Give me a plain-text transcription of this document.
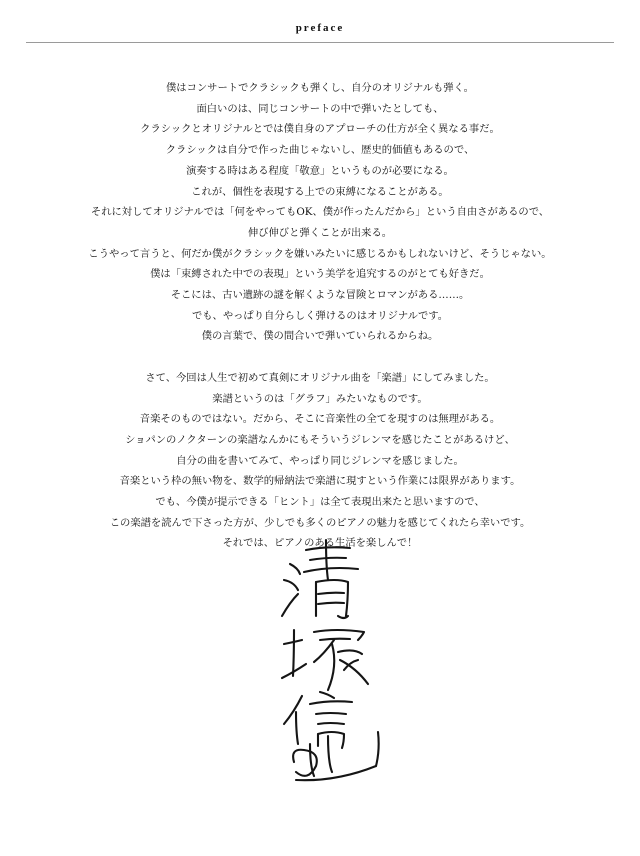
preface

僕はコンサートでクラシックも弾くし、自分のオリジナルも弾く。
面白いのは、同じコンサートの中で弾いたとしても、
クラシックとオリジナルとでは僕自身のアプローチの仕方が全く異なる事だ。
クラシックは自分で作った曲じゃないし、歴史的価値もあるので、
演奏する時はある程度「敬意」というものが必要になる。
これが、個性を表現する上での束縛になることがある。
それに対してオリジナルでは「何をやってもOK、僕が作ったんだから」という自由さがあるので、
伸び伸びと弾くことが出来る。
こうやって言うと、何だか僕がクラシックを嫌いみたいに感じるかもしれないけど、そうじゃない。
僕は「束縛された中での表現」という美学を追究するのがとても好きだ。
そこには、古い遺跡の謎を解くような冒険とロマンがある……。
でも、やっぱり自分らしく弾けるのはオリジナルです。
僕の言葉で、僕の間合いで弾いていられるからね。

さて、今回は人生で初めて真剣にオリジナル曲を「楽譜」にしてみました。
楽譜というのは「グラフ」みたいなものです。
音楽そのものではない。だから、そこに音楽性の全てを現すのは無理がある。
ショパンのノクターンの楽譜なんかにもそういうジレンマを感じたことがあるけど、
自分の曲を書いてみて、やっぱり同じジレンマを感じました。
音楽という枠の無い物を、数学的帰納法で楽譜に現すという作業には限界があります。
でも、今僕が提示できる「ヒント」は全て表現出来たと思いますので、
この楽譜を読んで下さった方が、少しでも多くのピアノの魅力を感じてくれたら幸いです。
それでは、ピアノのある生活を楽しんで！
